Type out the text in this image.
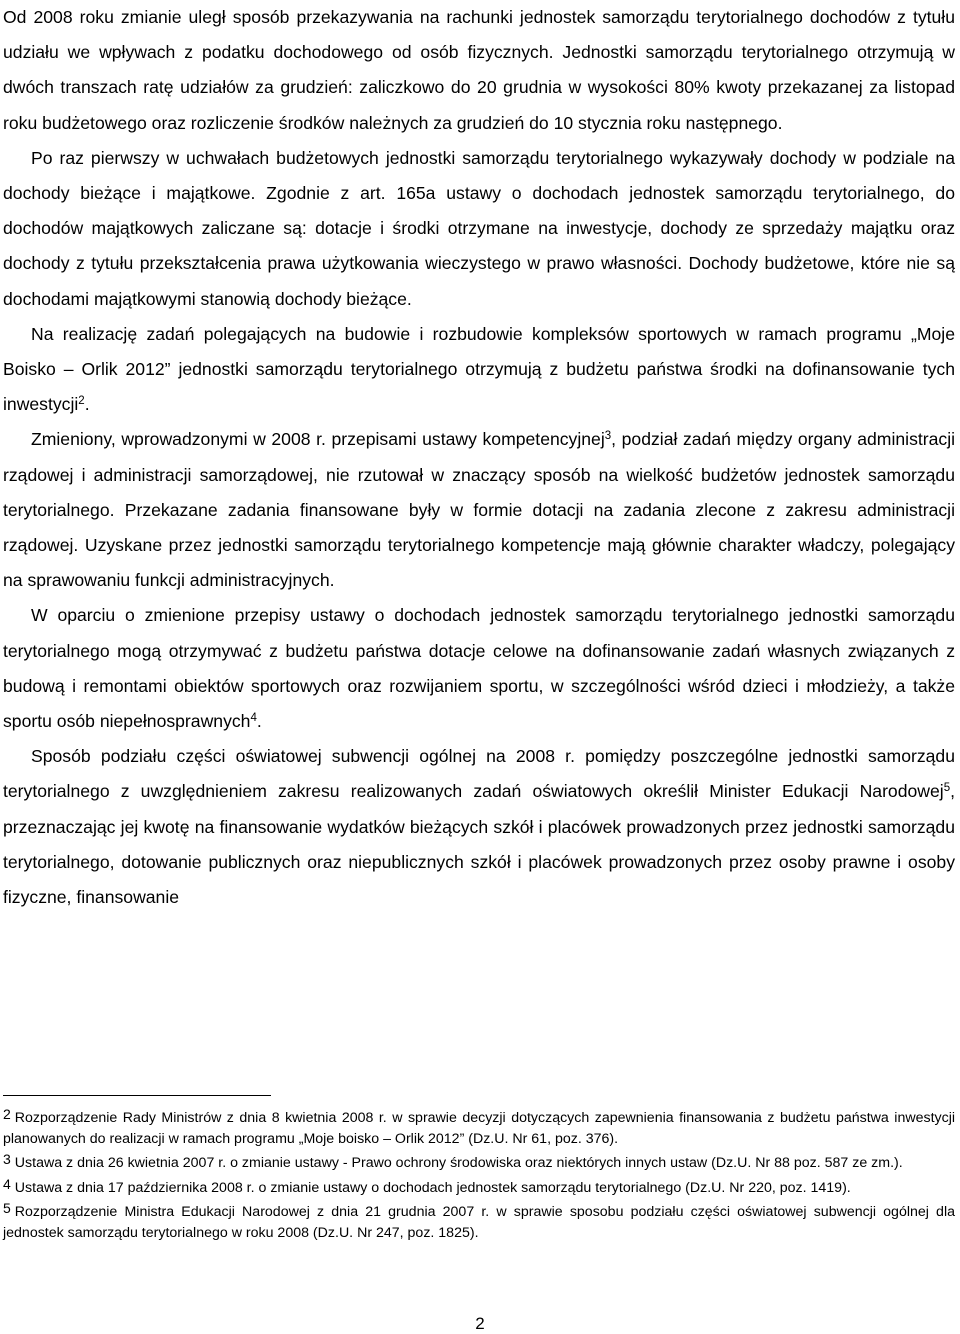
Od 2008 roku zmianie uległ sposób przekazywania na rachunki jednostek samorządu terytorialnego dochodów z tytułu udziału we wpływach z podatku dochodowego od osób fizycznych. Jednostki samorządu terytorialnego otrzymują w dwóch transzach ratę udziałów za grudzień: zaliczkowo do 20 grudnia w wysokości 80% kwoty przekazanej za listopad roku budżetowego oraz rozliczenie środków należnych za grudzień do 10 stycznia roku następnego.

Po raz pierwszy w uchwałach budżetowych jednostki samorządu terytorialnego wykazywały dochody w podziale na dochody bieżące i majątkowe. Zgodnie z art. 165a ustawy o dochodach jednostek samorządu terytorialnego, do dochodów majątkowych zaliczane są: dotacje i środki otrzymane na inwestycje, dochody ze sprzedaży majątku oraz dochody z tytułu przekształcenia prawa użytkowania wieczystego w prawo własności. Dochody budżetowe, które nie są dochodami majątkowymi stanowią dochody bieżące.

Na realizację zadań polegających na budowie i rozbudowie kompleksów sportowych w ramach programu „Moje Boisko – Orlik 2012” jednostki samorządu terytorialnego otrzymują z budżetu państwa środki na dofinansowanie tych inwestycji$^2$.

Zmieniony, wprowadzonymi w 2008 r. przepisami ustawy kompetencyjnej$^3$, podział zadań między organy administracji rządowej i administracji samorządowej, nie rzutował w znaczący sposób na wielkość budżetów jednostek samorządu terytorialnego. Przekazane zadania finansowane były w formie dotacji na zadania zlecone z zakresu administracji rządowej. Uzyskane przez jednostki samorządu terytorialnego kompetencje mają głównie charakter władczy, polegający na sprawowaniu funkcji administracyjnych.

W oparciu o zmienione przepisy ustawy o dochodach jednostek samorządu terytorialnego jednostki samorządu terytorialnego mogą otrzymywać z budżetu państwa dotacje celowe na dofinansowanie zadań własnych związanych z budową i remontami obiektów sportowych oraz rozwijaniem sportu, w szczególności wśród dzieci i młodzieży, a także sportu osób niepełnosprawnych$^4$.

Sposób podziału części oświatowej subwencji ogólnej na 2008 r. pomiędzy poszczególne jednostki samorządu terytorialnego z uwzględnieniem zakresu realizowanych zadań oświatowych określił Minister Edukacji Narodowej$^5$, przeznaczając jej kwotę na finansowanie wydatków bieżących szkół i placówek prowadzonych przez jednostki samorządu terytorialnego, dotowanie publicznych oraz niepublicznych szkół i placówek prowadzonych przez osoby prawne i osoby fizyczne, finansowanie

2 Rozporządzenie Rady Ministrów z dnia 8 kwietnia 2008 r. w sprawie decyzji dotyczących zapewnienia finansowania z budżetu państwa inwestycji planowanych do realizacji w ramach programu „Moje boisko – Orlik 2012” (Dz.U. Nr 61, poz. 376).

3 Ustawa z dnia 26 kwietnia 2007 r. o zmianie ustawy - Prawo ochrony środowiska oraz niektórych innych ustaw (Dz.U. Nr 88 poz. 587 ze zm.).

4 Ustawa z dnia 17 października 2008 r. o zmianie ustawy o dochodach jednostek samorządu terytorialnego (Dz.U. Nr 220, poz. 1419).

5 Rozporządzenie Ministra Edukacji Narodowej z dnia 21 grudnia 2007 r. w sprawie sposobu podziału części oświatowej subwencji ogólnej dla jednostek samorządu terytorialnego w roku 2008 (Dz.U. Nr 247, poz. 1825).

2
